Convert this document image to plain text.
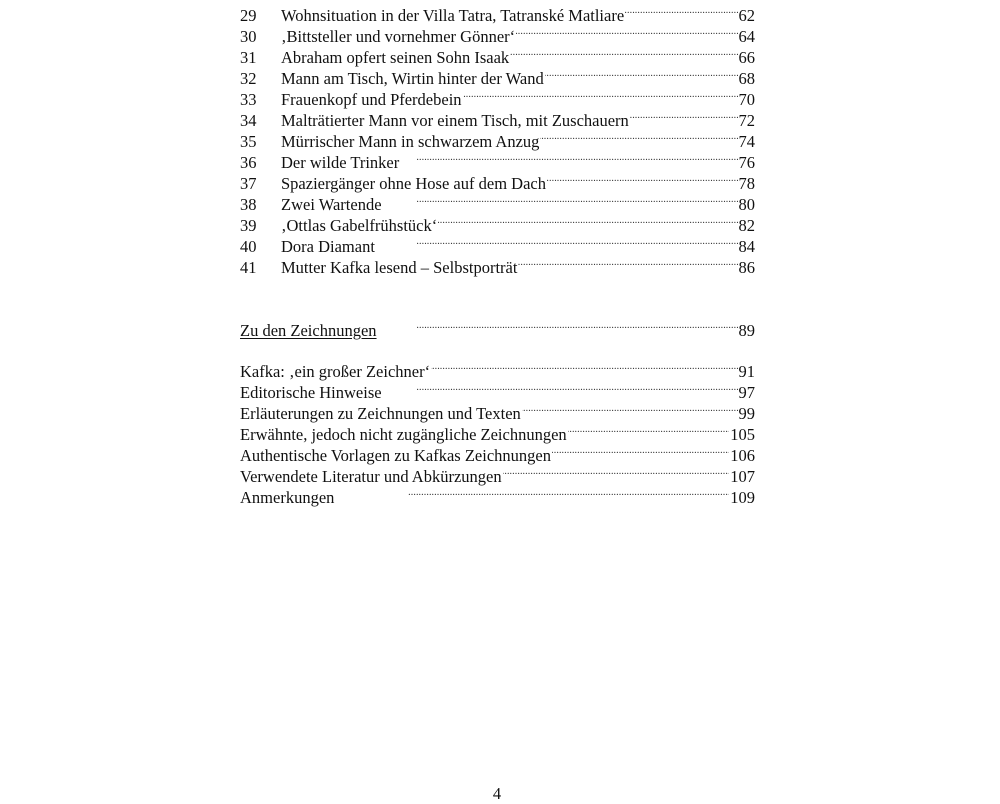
29	Wohnsituation in der Villa Tatra, Tatranské Matliare . . .	62
30	‚Bittsteller und vornehmer Gönner‘ . . .	64
31	Abraham opfert seinen Sohn Isaak . . .	66
32	Mann am Tisch, Wirtin hinter der Wand . . .	68
33	Frauenkopf und Pferdebein . . .	70
34	Malträtierter Mann vor einem Tisch, mit Zuschauern . . .	72
35	Mürrischer Mann in schwarzem Anzug . . .	74
36	Der wilde Trinker . . .	76
37	Spaziergänger ohne Hose auf dem Dach . . .	78
38	Zwei Wartende . . .	80
39	‚Ottlas Gabelfrühstück‘ . . .	82
40	Dora Diamant . . .	84
41	Mutter Kafka lesend – Selbstporträt . . .	86
Zu den Zeichnungen . . .	89
Kafka: ‚ein großer Zeichner‘ . . .	91
Editorische Hinweise . . .	97
Erläuterungen zu Zeichnungen und Texten . . .	99
Erwähnte, jedoch nicht zugängliche Zeichnungen . . .	105
Authentische Vorlagen zu Kafkas Zeichnungen . . .	106
Verwendete Literatur und Abkürzungen . . .	107
Anmerkungen . . .	109
4
